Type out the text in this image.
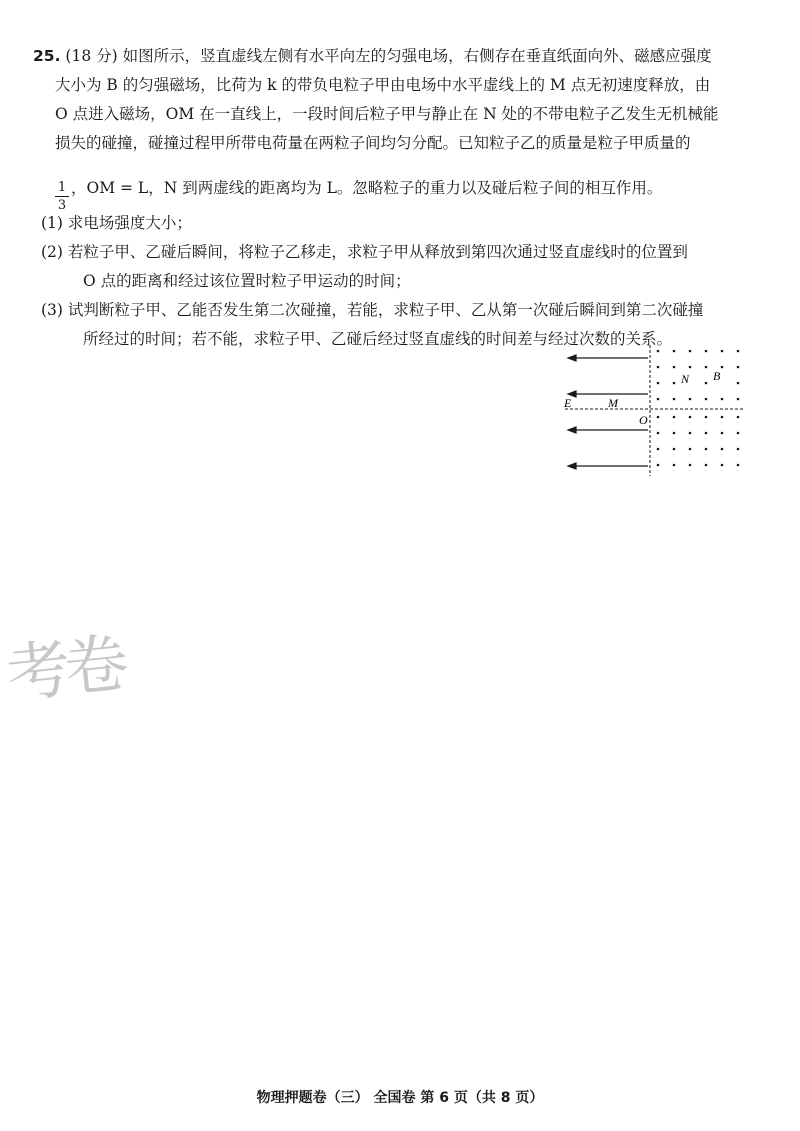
25. (18 分) 如图所示，竖直虚线左侧有水平向左的匀强电场，右侧存在垂直纸面向外、磁感应强度
大小为 B 的匀强磁场，比荷为 k 的带负电粒子甲由电场中水平虚线上的 M 点无初速度释放，由
O 点进入磁场，OM 在一直线上，一段时间后粒子甲与静止在 N 处的不带电粒子乙发生无机械能
损失的碰撞，碰撞过程甲所带电荷量在两粒子间均匀分配。已知粒子乙的质量是粒子甲质量的
1
3
，OM = L，N 到两虚线的距离均为 L。忽略粒子的重力以及碰后粒子间的相互作用。
(1) 求电场强度大小；
(2) 若粒子甲、乙碰后瞬间，将粒子乙移走，求粒子甲从释放到第四次通过竖直虚线时的位置到
O 点的距离和经过该位置时粒子甲运动的时间；
(3) 试判断粒子甲、乙能否发生第二次碰撞，若能，求粒子甲、乙从第一次碰后瞬间到第二次碰撞
所经过的时间；若不能，求粒子甲、乙碰后经过竖直虚线的时间差与经过次数的关系。
E	M
O
N B
考卷
物理押题卷（三） 全国卷 第 6 页（共 8 页）
